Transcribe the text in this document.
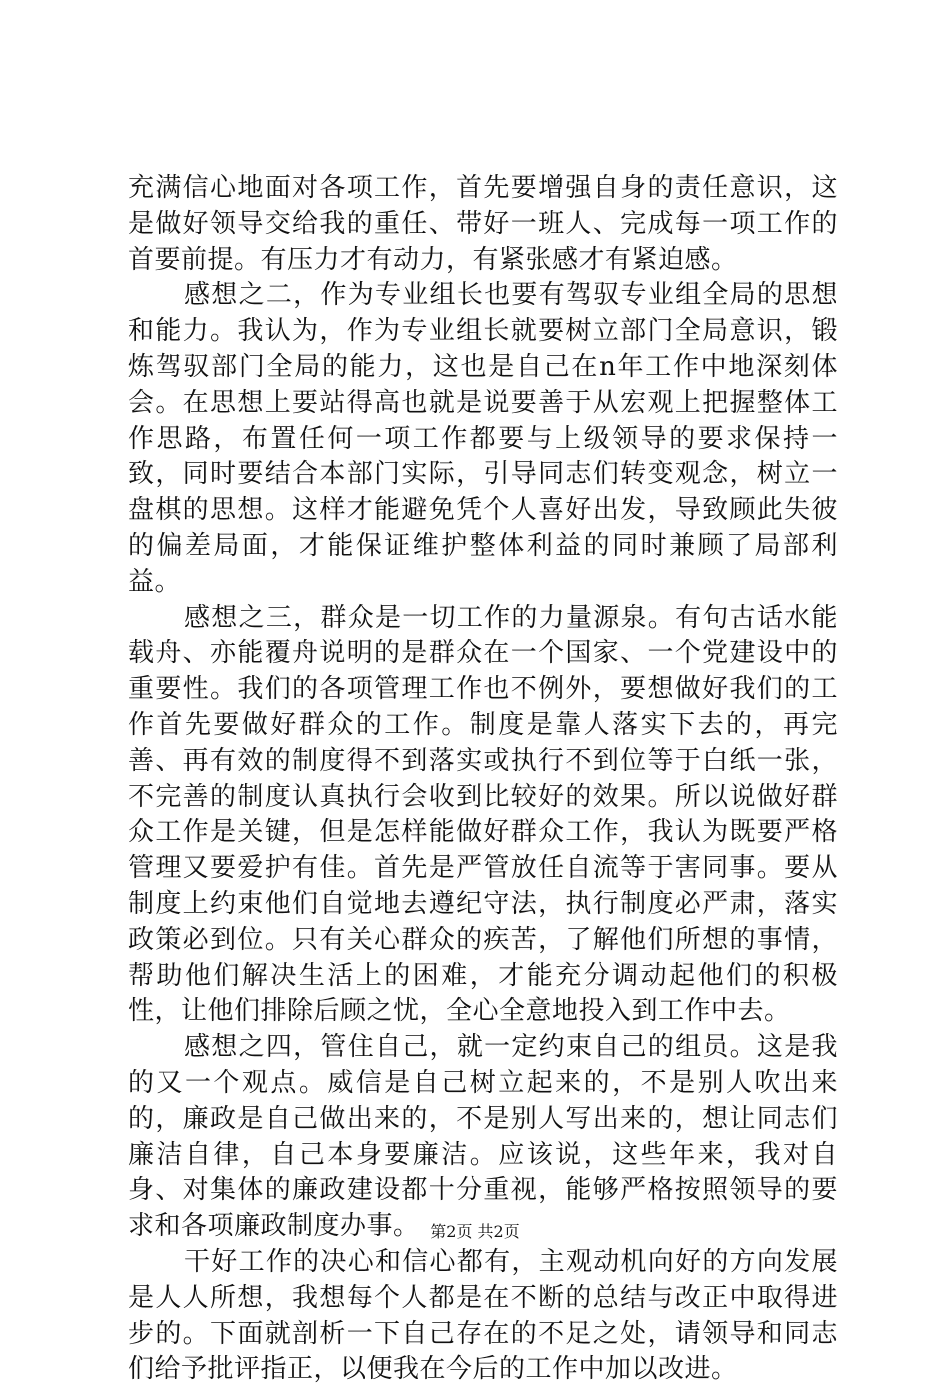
充满信心地面对各项工作，首先要增强自身的责任意识，这是做好领导交给我的重任、带好一班人、完成每一项工作的首要前提。有压力才有动力，有紧张感才有紧迫感。

感想之二，作为专业组长也要有驾驭专业组全局的思想和能力。我认为，作为专业组长就要树立部门全局意识，锻炼驾驭部门全局的能力，这也是自己在n年工作中地深刻体会。在思想上要站得高也就是说要善于从宏观上把握整体工作思路，布置任何一项工作都要与上级领导的要求保持一致，同时要结合本部门实际，引导同志们转变观念，树立一盘棋的思想。这样才能避免凭个人喜好出发，导致顾此失彼的偏差局面，才能保证维护整体利益的同时兼顾了局部利益。

感想之三，群众是一切工作的力量源泉。有句古话水能载舟、亦能覆舟说明的是群众在一个国家、一个党建设中的重要性。我们的各项管理工作也不例外，要想做好我们的工作首先要做好群众的工作。制度是靠人落实下去的，再完善、再有效的制度得不到落实或执行不到位等于白纸一张，不完善的制度认真执行会收到比较好的效果。所以说做好群众工作是关键，但是怎样能做好群众工作，我认为既要严格管理又要爱护有佳。首先是严管放任自流等于害同事。要从制度上约束他们自觉地去遵纪守法，执行制度必严肃，落实政策必到位。只有关心群众的疾苦，了解他们所想的事情，帮助他们解决生活上的困难，才能充分调动起他们的积极性，让他们排除后顾之忧，全心全意地投入到工作中去。

感想之四，管住自己，就一定约束自己的组员。这是我的又一个观点。威信是自己树立起来的，不是别人吹出来的，廉政是自己做出来的，不是别人写出来的，想让同志们廉洁自律，自己本身要廉洁。应该说，这些年来，我对自身、对集体的廉政建设都十分重视，能够严格按照领导的要求和各项廉政制度办事。

干好工作的决心和信心都有，主观动机向好的方向发展是人人所想，我想每个人都是在不断的总结与改正中取得进步的。下面就剖析一下自己存在的不足之处，请领导和同志们给予批评指正，以便我在今后的工作中加以改进。

第2页 共2页
